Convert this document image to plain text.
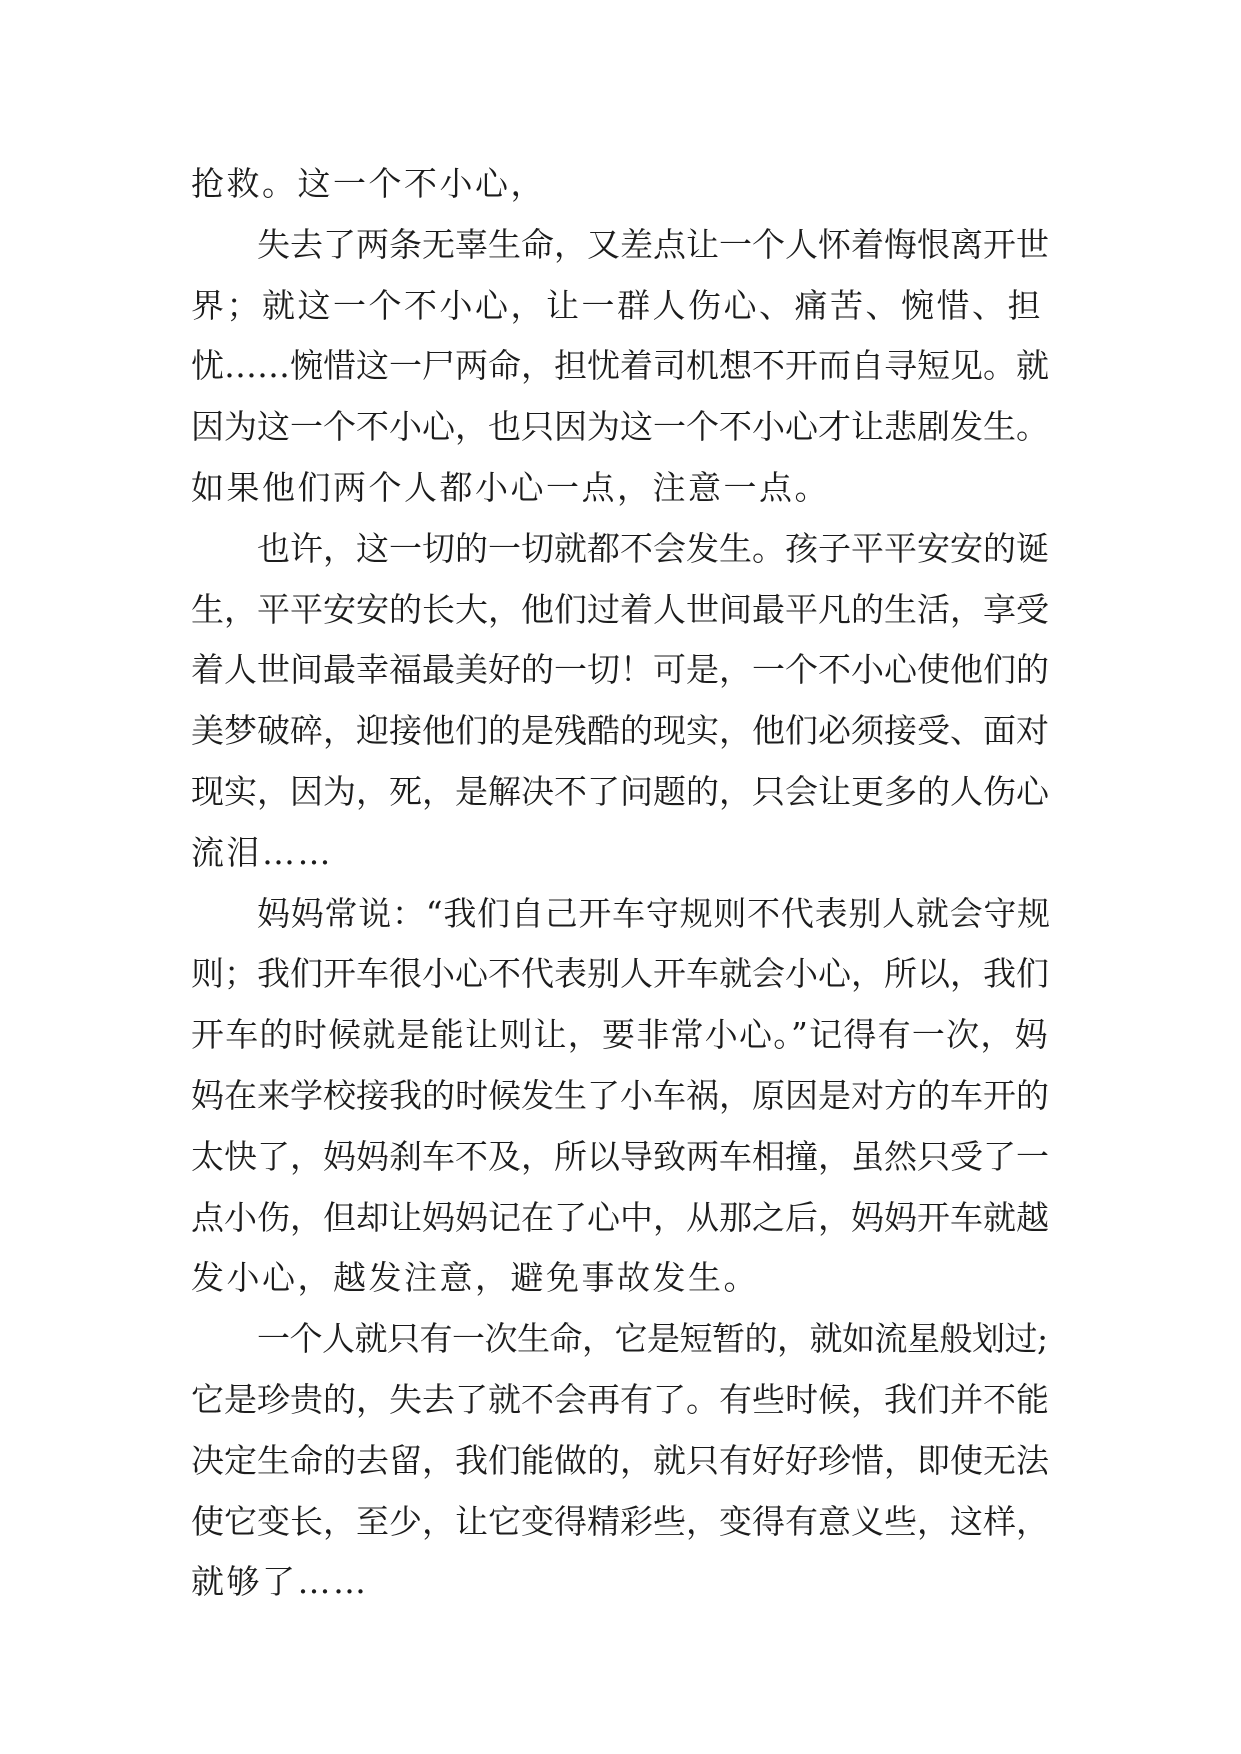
抢救。这一个不小心，
失去了两条无辜生命，又差点让一个人怀着悔恨离开世
界；就这一个不小心，让一群人伤心、痛苦、惋惜、担
忧……惋惜这一尸两命，担忧着司机想不开而自寻短见。就
因为这一个不小心，也只因为这一个不小心才让悲剧发生。
如果他们两个人都小心一点，注意一点。
也许，这一切的一切就都不会发生。孩子平平安安的诞
生，平平安安的长大，他们过着人世间最平凡的生活，享受
着人世间最幸福最美好的一切！可是，一个不小心使他们的
美梦破碎，迎接他们的是残酷的现实，他们必须接受、面对
现实，因为，死，是解决不了问题的，只会让更多的人伤心
流泪……
妈妈常说：“我们自己开车守规则不代表别人就会守规
则；我们开车很小心不代表别人开车就会小心，所以，我们
开车的时候就是能让则让，要非常小心。”记得有一次，妈
妈在来学校接我的时候发生了小车祸，原因是对方的车开的
太快了，妈妈刹车不及，所以导致两车相撞，虽然只受了一
点小伤，但却让妈妈记在了心中，从那之后，妈妈开车就越
发小心，越发注意，避免事故发生。
一个人就只有一次生命，它是短暂的，就如流星般划过;
它是珍贵的，失去了就不会再有了。有些时候，我们并不能
决定生命的去留，我们能做的，就只有好好珍惜，即使无法
使它变长，至少，让它变得精彩些，变得有意义些，这样，
就够了……
